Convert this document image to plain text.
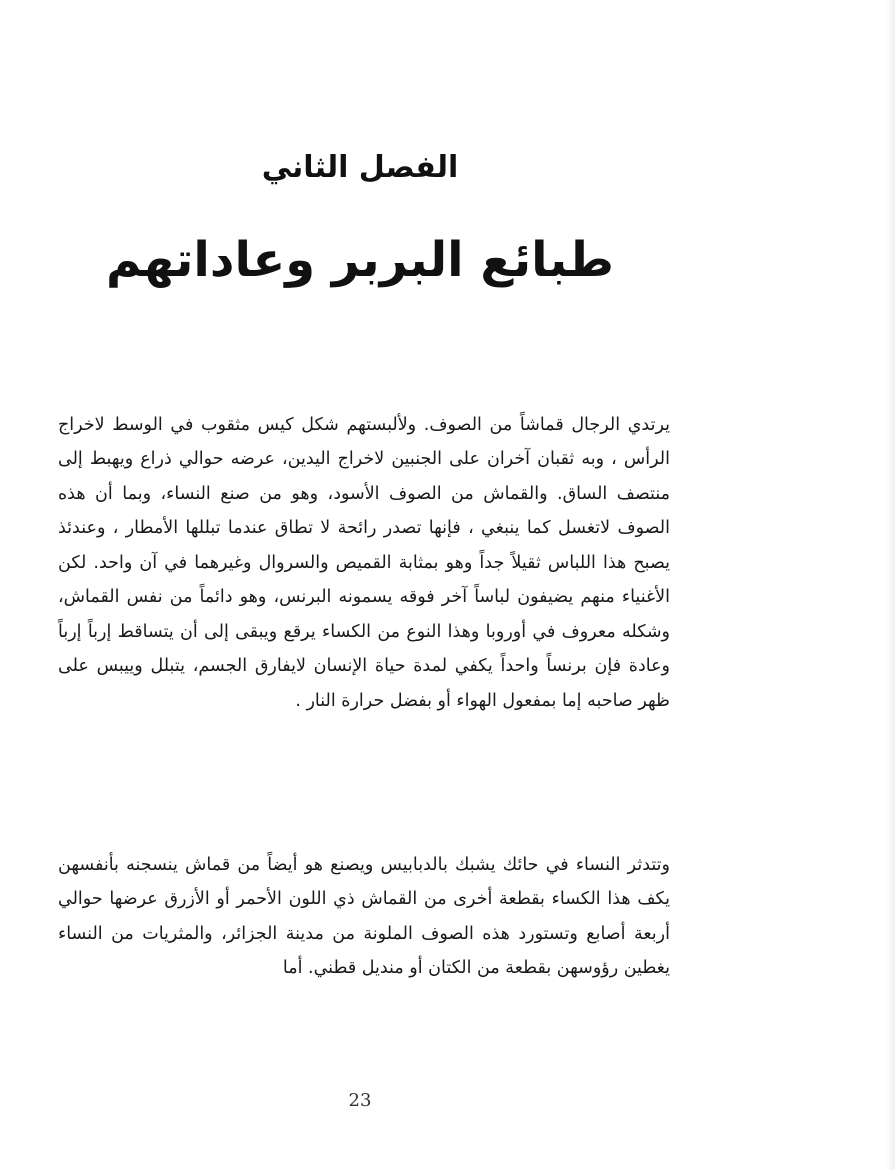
الفصل الثاني
طبائع البربر وعاداتهم

يرتدي الرجال قماشاً من الصوف. ولألبستهم شكل كيس مثقوب في الوسط لاخراج الرأس ، وبه ثقبان آخران على الجنبين لاخراج اليدين، عرضه حوالي ذراع ويهبط إلى منتصف الساق. والقماش من الصوف الأسود، وهو من صنع النساء، وبما أن هذه الصوف لاتغسل كما ينبغي ، فإنها تصدر رائحة لا تطاق عندما تبللها الأمطار ، وعندئذ يصبح هذا اللباس ثقيلاً جداً وهو بمثابة القميص والسروال وغيرهما في آن واحد. لكن الأغنياء منهم يضيفون لباساً آخر فوقه يسمونه البرنس، وهو دائماً من نفس القماش، وشكله معروف في أوروبا وهذا النوع من الكساء يرقع ويبقى إلى أن يتساقط إرباً إرباً وعادة فإن برنساً واحداً يكفي لمدة حياة الإنسان لايفارق الجسم، يتبلل وييبس على ظهر صاحبه إما بمفعول الهواء أو بفضل حرارة النار .

وتتدثر النساء في حائك يشبك بالدبابيس ويصنع هو أيضاً من قماش ينسجنه بأنفسهن يكف هذا الكساء بقطعة أخرى من القماش ذي اللون الأحمر أو الأزرق عرضها حوالي أربعة أصابع وتستورد هذه الصوف الملونة من مدينة الجزائر، والمثريات من النساء يغطين رؤوسهن بقطعة من الكتان أو منديل قطني. أما

23
